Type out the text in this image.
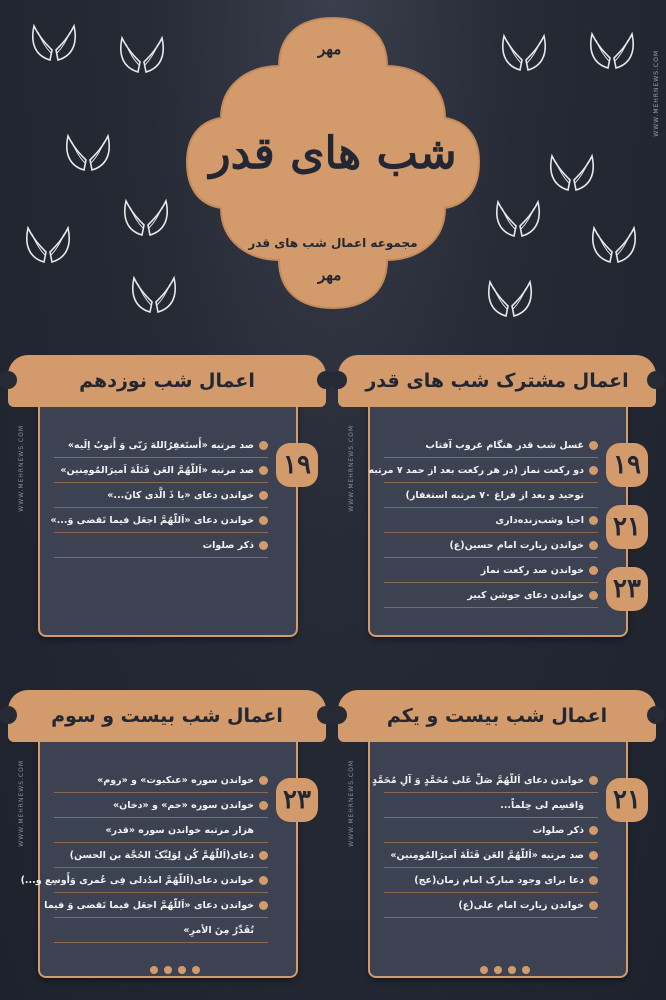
WWW.MEHRNEWS.COM
مهر
شب های قدر
مجموعه اعمال شب های قدر
مهر
اعمال مشترک شب های قدر
WWW.MEHRNEWS.COM	۱۹
۲۱
۲۳
غسل شب قدر هنگام غروب آفتاب
دو رکعت نماز (در هر رکعت بعد از حمد ۷ مرتبه
توحید و بعد از فراغ ۷۰ مرتبه استغفار)
احیا وشب‌زنده‌داری
خواندن زیارت امام حسین(ع)
خواندن صد رکعت نماز
خواندن دعای جوشن کبیر
اعمال شب نوزدهم
WWW.MEHRNEWS.COM	۱۹
صد مرتبه «أَستَغفِرُاللهَ رَبّی وَ أَتوبُ اِلَیه»
صد مرتبه «اَللّهُمَّ العَن قَتَلَةَ اَميرَالمُومِنين»
خواندن دعای «یا ذَ الَّذی کانَ...»
خواندن دعای «اَللّهُمَّ اجعَل فیما تَقضی وَ...»
ذکر صلوات
اعمال شب بیست و یکم
WWW.MEHRNEWS.COM	۲۱
خواندن دعای اَللّهُمَّ صَلِّ عَلی مُحَمَّدٍ وَ آلِ مُحَمَّدٍ
وَاقسِم لی حِلماً...
ذکر صلوات
صد مرتبه «اَللّهُمَّ العَن قَتَلَةَ اَميرَالمُومِنين»
دعا برای وجود مبارک امام زمان(عج)
خواندن زیارت امام علی(ع)
اعمال شب بیست و سوم
WWW.MEHRNEWS.COM	۲۳
خواندن سوره «عنکبوت» و «روم»
خواندن سوره «حم» و «دخان»
هزار مرتبه خواندن سوره «قدر»
دعای(اَللّهُمَّ کُن لِوَلِیِّکَ الحُجَّة بن الحسن)
خواندن دعای(اَللّهُمَّ امدُدلی فِی عُمری وَأَوسِع و...)
خواندن دعای «اَللّهُمَّ اجعَل فیما تَقضی وَ فیما
تُقَدِّرُ مِنَ الأمرِ»
